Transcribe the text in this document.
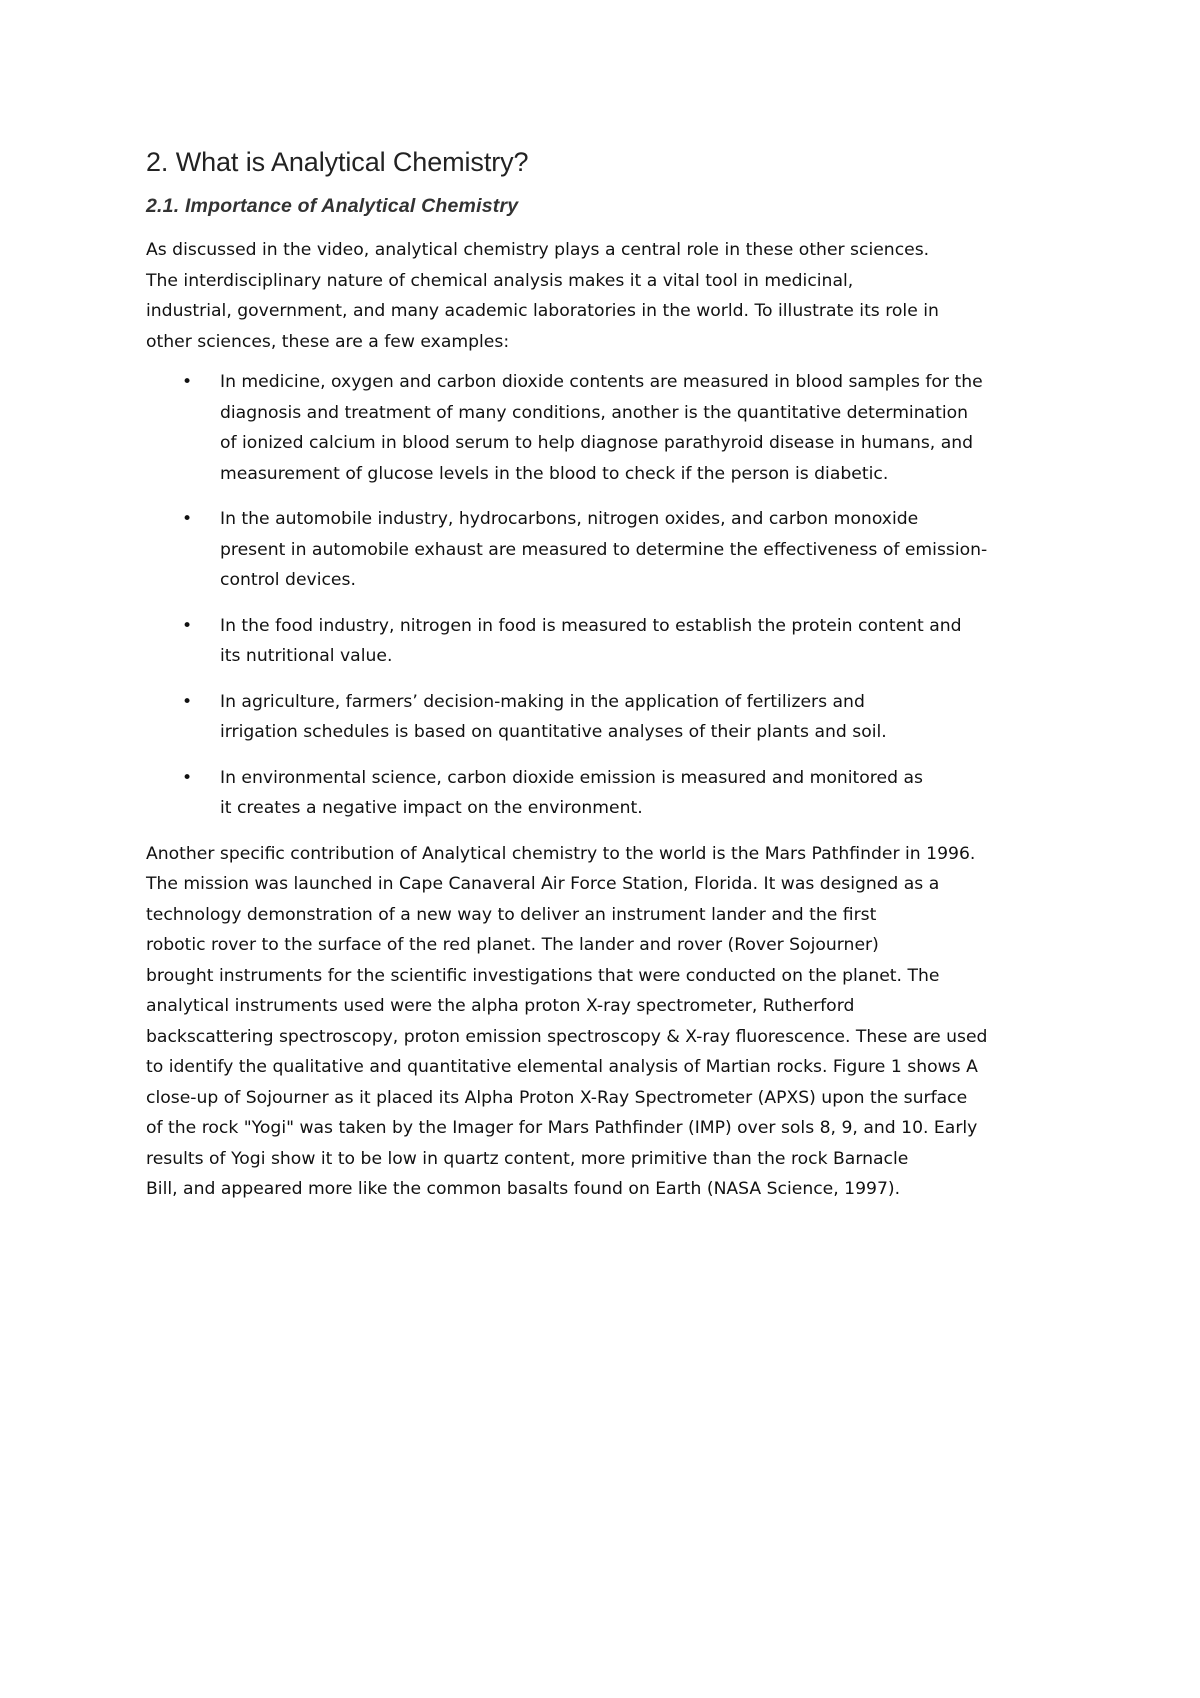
2. What is Analytical Chemistry?
2.1. Importance of Analytical Chemistry

As discussed in the video, analytical chemistry plays a central role in these other sciences.
The interdisciplinary nature of chemical analysis makes it a vital tool in medicinal,
industrial, government, and many academic laboratories in the world. To illustrate its role in
other sciences, these are a few examples:

• In medicine, oxygen and carbon dioxide contents are measured in blood samples for the
diagnosis and treatment of many conditions, another is the quantitative determination
of ionized calcium in blood serum to help diagnose parathyroid disease in humans, and
measurement of glucose levels in the blood to check if the person is diabetic.
• In the automobile industry, hydrocarbons, nitrogen oxides, and carbon monoxide
present in automobile exhaust are measured to determine the effectiveness of emission-
control devices.
• In the food industry, nitrogen in food is measured to establish the protein content and
its nutritional value.
• In agriculture, farmers’ decision-making in the application of fertilizers and
irrigation schedules is based on quantitative analyses of their plants and soil.
• In environmental science, carbon dioxide emission is measured and monitored as
it creates a negative impact on the environment.

Another specific contribution of Analytical chemistry to the world is the Mars Pathfinder in 1996.
The mission was launched in Cape Canaveral Air Force Station, Florida. It was designed as a
technology demonstration of a new way to deliver an instrument lander and the first
robotic rover to the surface of the red planet. The lander and rover (Rover Sojourner)
brought instruments for the scientific investigations that were conducted on the planet. The
analytical instruments used were the alpha proton X-ray spectrometer, Rutherford
backscattering spectroscopy, proton emission spectroscopy & X-ray fluorescence. These are used
to identify the qualitative and quantitative elemental analysis of Martian rocks. Figure 1 shows A
close-up of Sojourner as it placed its Alpha Proton X-Ray Spectrometer (APXS) upon the surface
of the rock "Yogi" was taken by the Imager for Mars Pathfinder (IMP) over sols 8, 9, and 10. Early
results of Yogi show it to be low in quartz content, more primitive than the rock Barnacle
Bill, and appeared more like the common basalts found on Earth (NASA Science, 1997).
